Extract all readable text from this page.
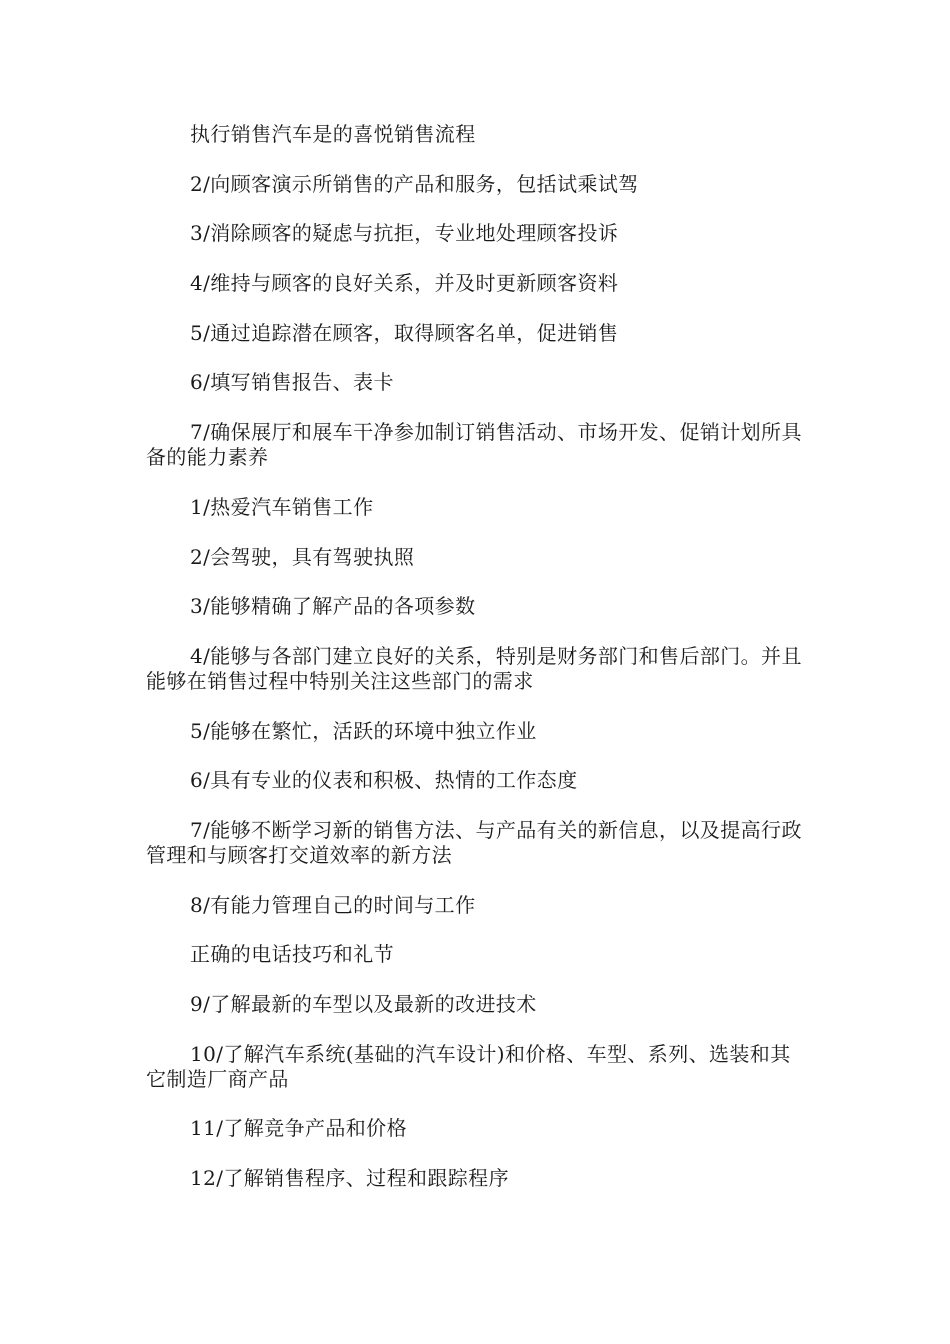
执行销售汽车是的喜悦销售流程

2/向顾客演示所销售的产品和服务，包括试乘试驾

3/消除顾客的疑虑与抗拒，专业地处理顾客投诉

4/维持与顾客的良好关系，并及时更新顾客资料

5/通过追踪潜在顾客，取得顾客名单，促进销售

6/填写销售报告、表卡

7/确保展厅和展车干净参加制订销售活动、市场开发、促销计划所具备的能力素养

1/热爱汽车销售工作

2/会驾驶，具有驾驶执照

3/能够精确了解产品的各项参数

4/能够与各部门建立良好的关系，特别是财务部门和售后部门。并且能够在销售过程中特别关注这些部门的需求

5/能够在繁忙，活跃的环境中独立作业

6/具有专业的仪表和积极、热情的工作态度

7/能够不断学习新的销售方法、与产品有关的新信息，以及提高行政管理和与顾客打交道效率的新方法

8/有能力管理自己的时间与工作

正确的电话技巧和礼节

9/了解最新的车型以及最新的改进技术

10/了解汽车系统(基础的汽车设计)和价格、车型、系列、选装和其它制造厂商产品

11/了解竞争产品和价格

12/了解销售程序、过程和跟踪程序
